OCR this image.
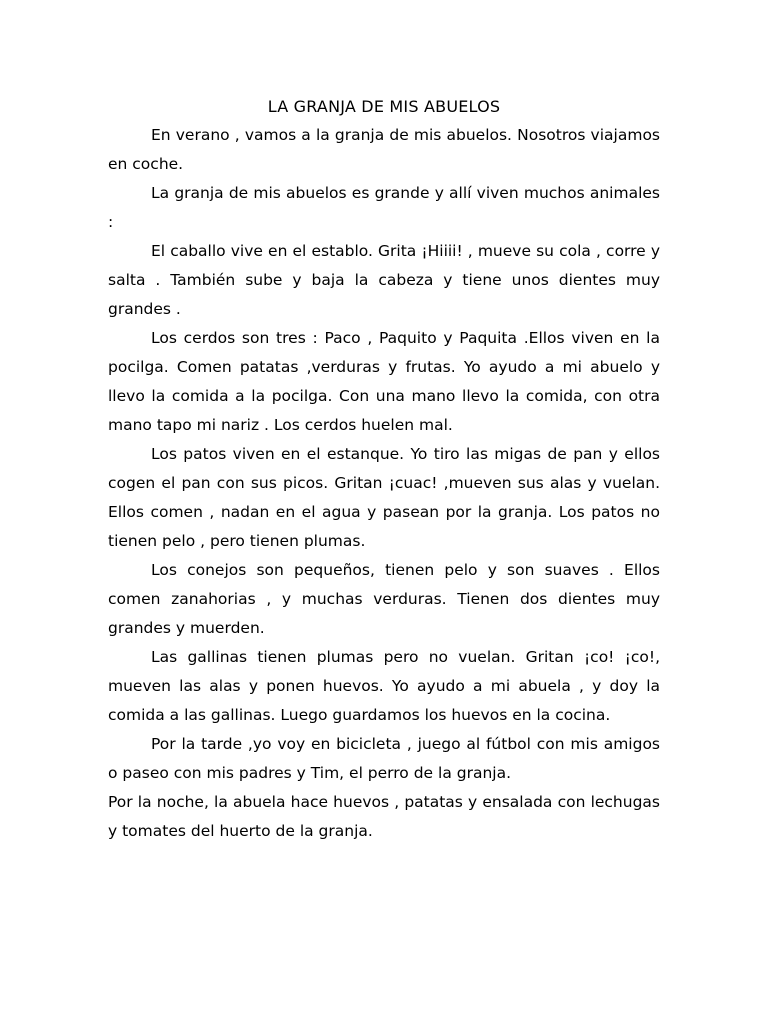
LA GRANJA DE MIS ABUELOS

En verano , vamos a la granja de mis abuelos. Nosotros viajamos en coche.

La granja de mis abuelos es grande y allí viven muchos animales :

El caballo vive en el establo. Grita ¡Hiiii! , mueve su cola , corre y salta . También sube y baja la cabeza y tiene unos dientes muy grandes .

Los cerdos son tres : Paco , Paquito y Paquita .Ellos viven en la pocilga. Comen patatas ,verduras y frutas. Yo ayudo a mi abuelo y llevo la comida a la pocilga. Con una mano llevo la comida, con otra mano tapo mi nariz . Los cerdos huelen mal.

Los patos viven en el estanque. Yo tiro las migas de pan y ellos cogen el pan con sus picos. Gritan ¡cuac! ,mueven sus alas y vuelan. Ellos comen , nadan en el agua y pasean por la granja. Los patos no tienen pelo , pero tienen plumas.

Los conejos son pequeños, tienen pelo y son suaves . Ellos comen zanahorias , y muchas verduras. Tienen dos dientes muy grandes y muerden.

Las gallinas tienen plumas pero no vuelan. Gritan ¡co! ¡co!, mueven las alas y ponen huevos. Yo ayudo a mi abuela , y doy la comida a las gallinas. Luego guardamos los huevos en la cocina.

Por la tarde ,yo voy en bicicleta , juego al fútbol con mis amigos o paseo con mis padres y Tim, el perro de la granja.

Por la noche, la abuela hace huevos , patatas y ensalada con lechugas y tomates del huerto de la granja.
